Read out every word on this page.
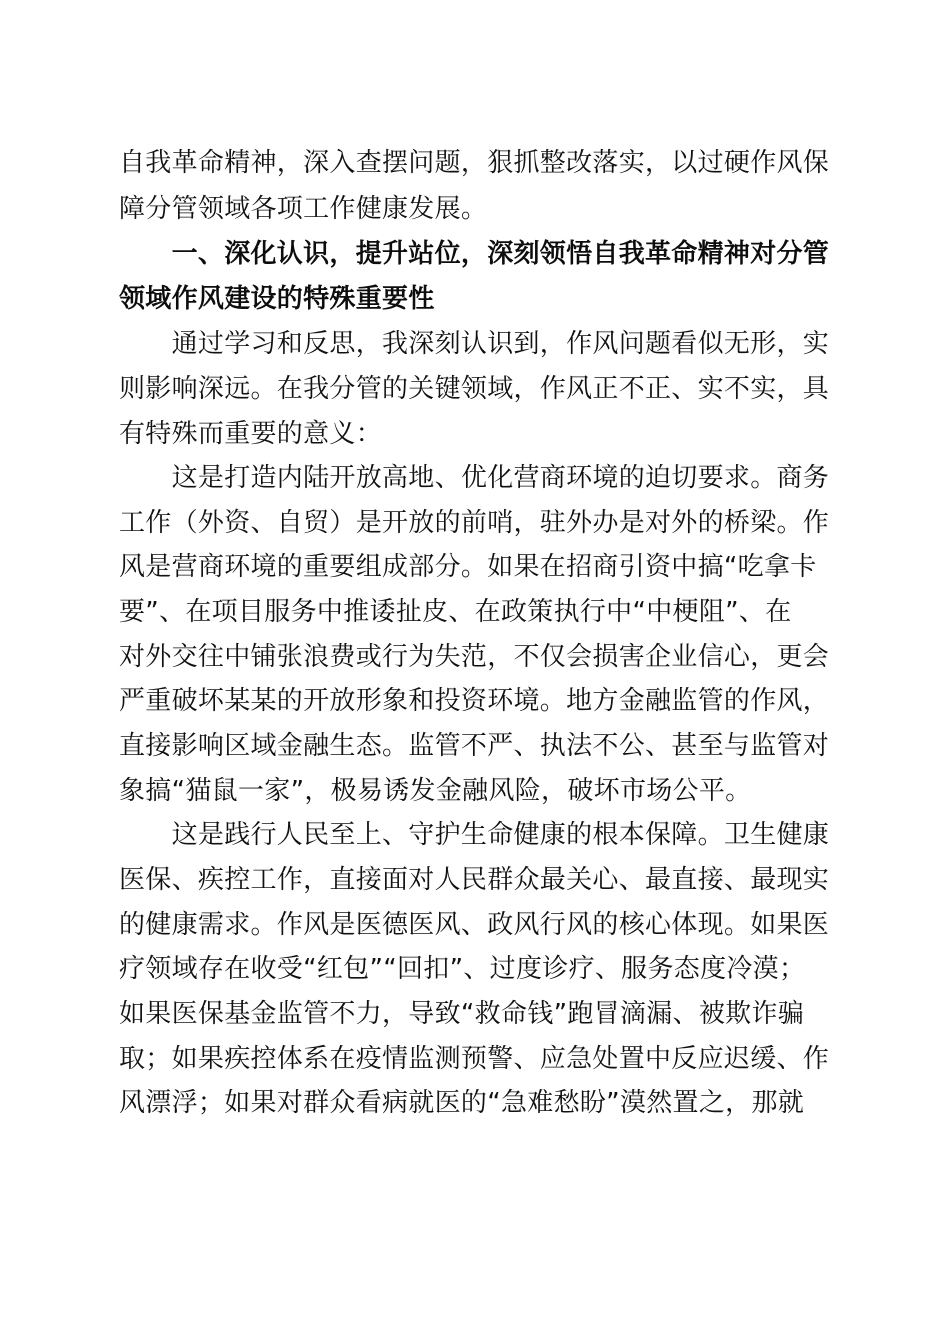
自我革命精神，深入查摆问题，狠抓整改落实，以过硬作风保
障分管领域各项工作健康发展。
　　一、深化认识，提升站位，深刻领悟自我革命精神对分管
领域作风建设的特殊重要性
　　通过学习和反思，我深刻认识到，作风问题看似无形，实
则影响深远。在我分管的关键领域，作风正不正、实不实，具
有特殊而重要的意义：
　　这是打造内陆开放高地、优化营商环境的迫切要求。商务
工作（外资、自贸）是开放的前哨，驻外办是对外的桥梁。作
风是营商环境的重要组成部分。如果在招商引资中搞“吃拿卡
要”、在项目服务中推诿扯皮、在政策执行中“中梗阻”、在
对外交往中铺张浪费或行为失范，不仅会损害企业信心，更会
严重破坏某某的开放形象和投资环境。地方金融监管的作风，
直接影响区域金融生态。监管不严、执法不公、甚至与监管对
象搞“猫鼠一家”，极易诱发金融风险，破坏市场公平。
　　这是践行人民至上、守护生命健康的根本保障。卫生健康
医保、疾控工作，直接面对人民群众最关心、最直接、最现实
的健康需求。作风是医德医风、政风行风的核心体现。如果医
疗领域存在收受“红包”“回扣”、过度诊疗、服务态度冷漠；
如果医保基金监管不力，导致“救命钱”跑冒滴漏、被欺诈骗
取；如果疾控体系在疫情监测预警、应急处置中反应迟缓、作
风漂浮；如果对群众看病就医的“急难愁盼”漠然置之，那就
